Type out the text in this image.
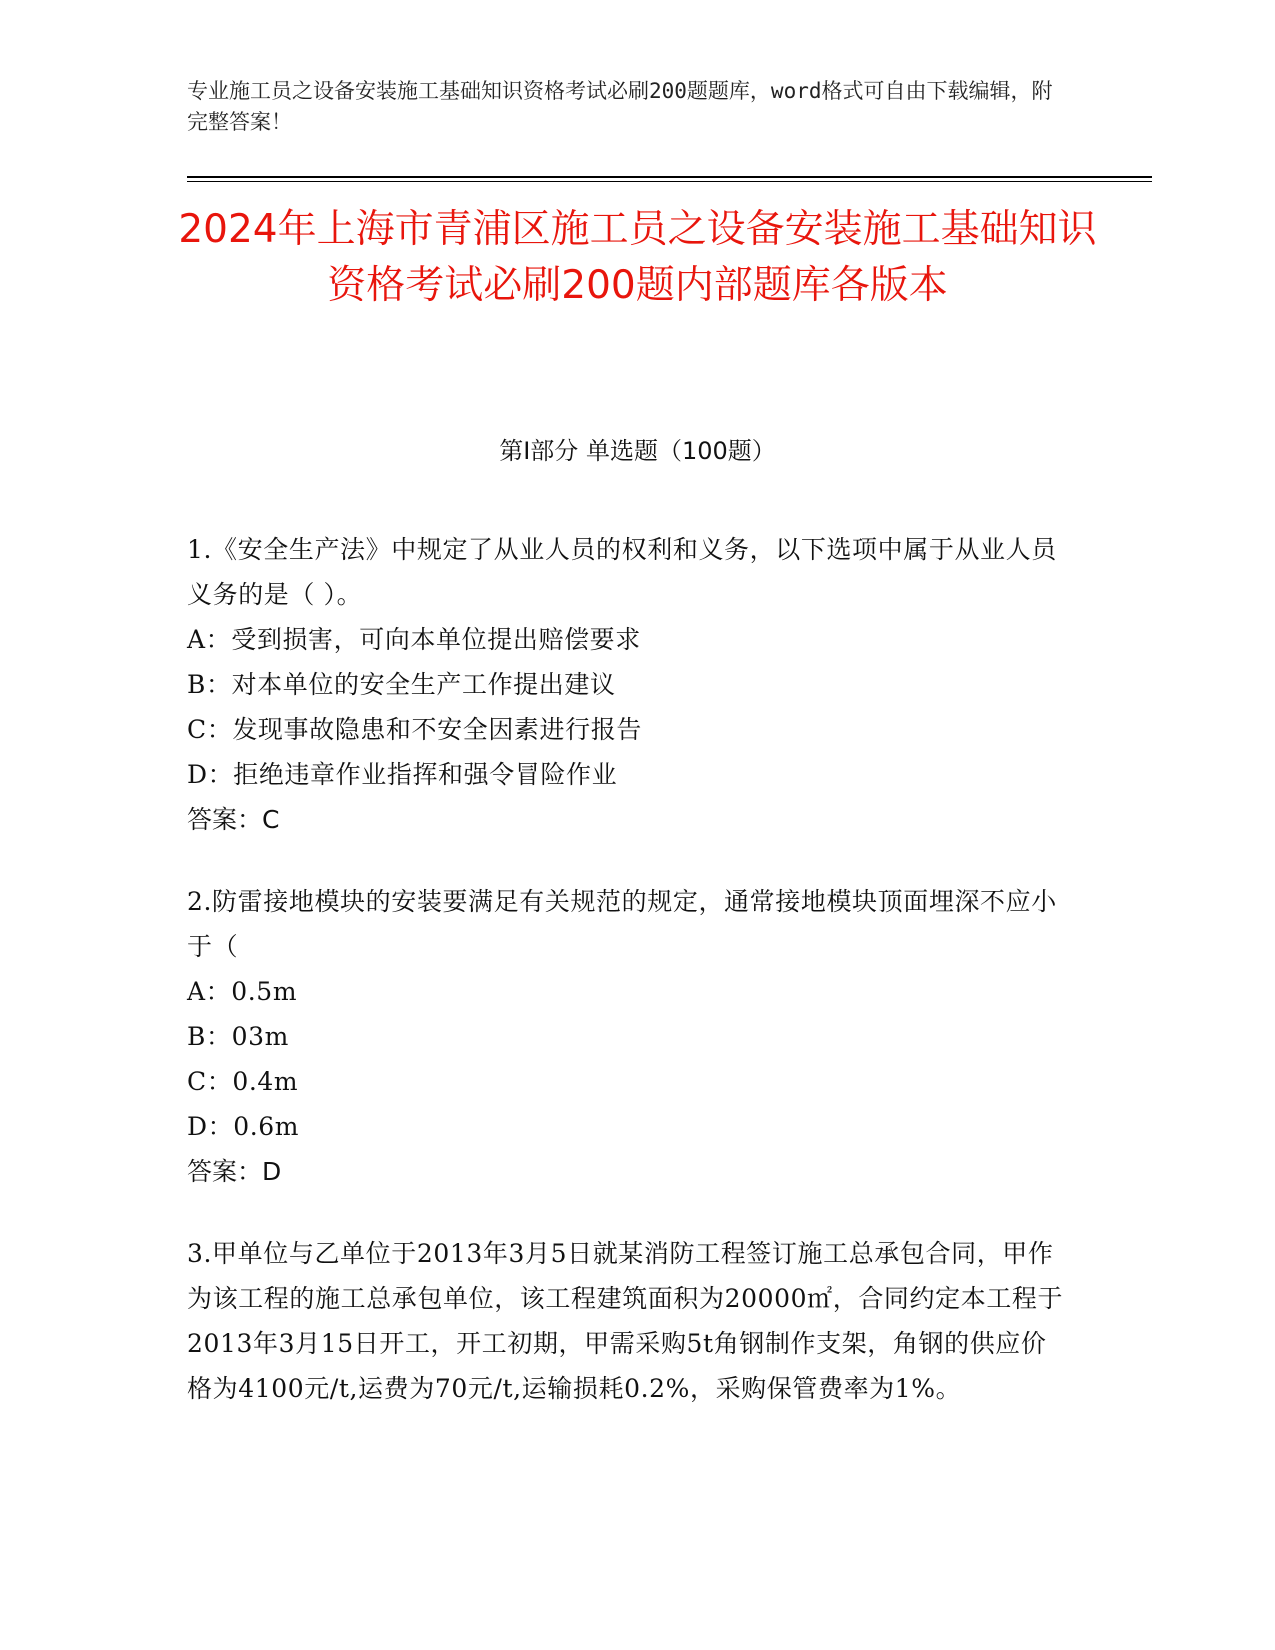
专业施工员之设备安装施工基础知识资格考试必刷200题题库，word格式可自由下载编辑，附完整答案！
2024年上海市青浦区施工员之设备安装施工基础知识资格考试必刷200题内部题库各版本
第Ⅰ部分 单选题（100题）
1.《安全生产法》中规定了从业人员的权利和义务，以下选项中属于从业人员义务的是（ ）。
A：受到损害，可向本单位提出赔偿要求
B：对本单位的安全生产工作提出建议
C：发现事故隐患和不安全因素进行报告
D：拒绝违章作业指挥和强令冒险作业
答案：C
2.防雷接地模块的安装要满足有关规范的规定，通常接地模块顶面埋深不应小于（
A：0.5m
B：03m
C：0.4m
D：0.6m
答案：D
3.甲单位与乙单位于2013年3月5日就某消防工程签订施工总承包合同，甲作为该工程的施工总承包单位，该工程建筑面积为20000㎡，合同约定本工程于2013年3月15日开工，开工初期，甲需采购5t角钢制作支架，角钢的供应价格为4100元/t,运费为70元/t,运输损耗0.2%，采购保管费率为1%。
